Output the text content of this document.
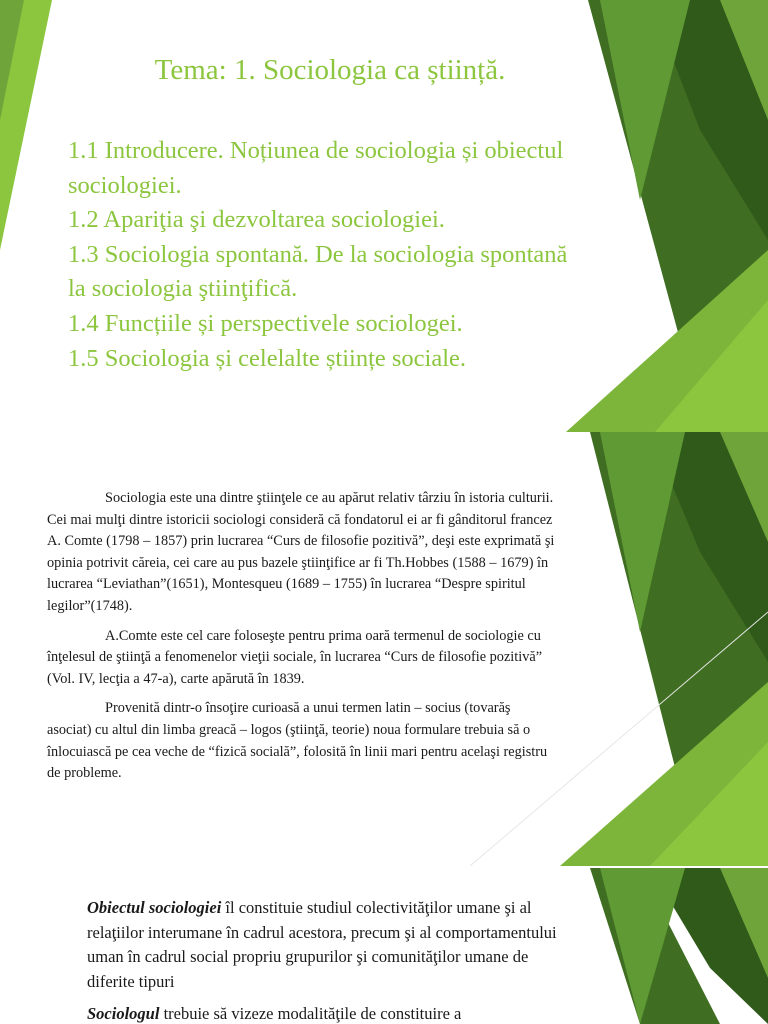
Tema: 1. Sociologia ca știință.
1.1 Introducere. Noțiunea de sociologia și obiectul sociologiei.
1.2 Apariţia şi dezvoltarea sociologiei.
1.3 Sociologia spontană. De la sociologia spontană la sociologia ştiinţifică.
1.4 Funcțiile și perspectivele sociologei.
1.5 Sociologia și celelalte științe sociale.

Sociologia este una dintre ştiinţele ce au apărut relativ târziu în istoria culturii. Cei mai mulţi dintre istoricii sociologi consideră că fondatorul ei ar fi gânditorul francez A. Comte (1798 – 1857) prin lucrarea “Curs de filosofie pozitivă”, deşi este exprimată şi opinia potrivit căreia, cei care au pus bazele ştiinţifice ar fi Th.Hobbes (1588 – 1679) în lucrarea “Leviathan”(1651), Montesqueu (1689 – 1755) în lucrarea “Despre spiritul legilor”(1748).

A.Comte este cel care foloseşte pentru prima oară termenul de sociologie cu înţelesul de ştiinţă a fenomenelor vieţii sociale, în lucrarea “Curs de filosofie pozitivă” (Vol. IV, lecţia a 47-a), carte apărută în 1839.

Provenită dintr-o însoţire curioasă a unui termen latin – socius (tovarăş asociat) cu altul din limba greacă – logos (ştiinţă, teorie) noua formulare trebuia să o înlocuiască pe cea veche de “fizică socială”, folosită în linii mari pentru acelaşi registru de probleme.

Obiectul sociologiei îl constituie studiul colectivităţilor umane şi al relaţiilor interumane în cadrul acestora, precum şi al comportamentului uman în cadrul social propriu grupurilor şi comunităţilor umane de diferite tipuri

Sociologul trebuie să vizeze modalităţile de constituire a
